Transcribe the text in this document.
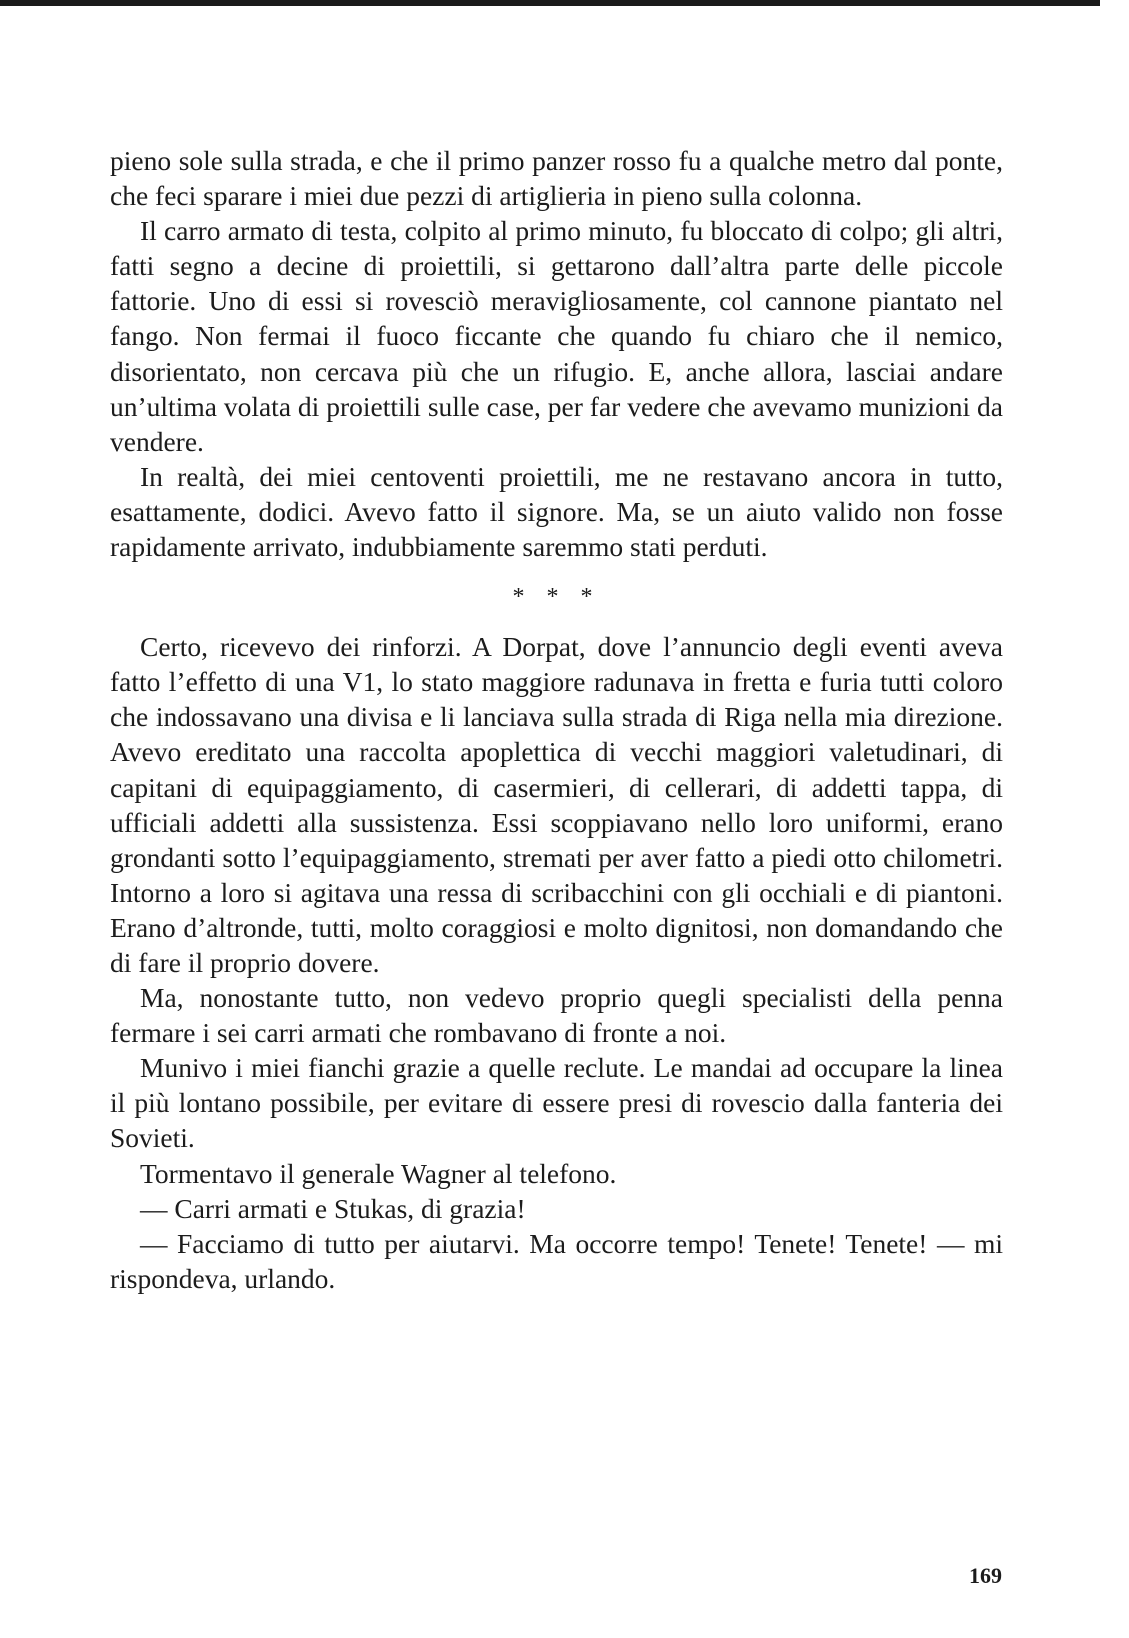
pieno sole sulla strada, e che il primo panzer rosso fu a qualche metro dal ponte, che feci sparare i miei due pezzi di artiglieria in pieno sulla colonna.

Il carro armato di testa, colpito al primo minuto, fu bloccato di colpo; gli altri, fatti segno a decine di proiettili, si gettarono dall’altra parte delle piccole fattorie. Uno di essi si rovesciò meravigliosamente, col cannone piantato nel fango. Non fermai il fuoco ficcante che quando fu chiaro che il nemico, disorientato, non cercava più che un rifugio. E, anche allora, lasciai andare un’ultima volata di proiettili sulle case, per far vedere che avevamo munizioni da vendere.

In realtà, dei miei centoventi proiettili, me ne restavano ancora in tutto, esattamente, dodici. Avevo fatto il signore. Ma, se un aiuto valido non fosse rapidamente arrivato, indubbiamente saremmo stati perduti.

* * *

Certo, ricevevo dei rinforzi. A Dorpat, dove l’annuncio degli eventi aveva fatto l’effetto di una V1, lo stato maggiore radunava in fretta e furia tutti coloro che indossavano una divisa e li lanciava sulla strada di Riga nella mia direzione. Avevo ereditato una raccolta apoplettica di vecchi maggiori valetudinari, di capitani di equipaggiamento, di casermieri, di cellerari, di addetti tappa, di ufficiali addetti alla sussistenza. Essi scoppiavano nello loro uniformi, erano grondanti sotto l’equipaggiamento, stremati per aver fatto a piedi otto chilometri. Intorno a loro si agitava una ressa di scribacchini con gli occhiali e di piantoni. Erano d’altronde, tutti, molto coraggiosi e molto dignitosi, non domandando che di fare il proprio dovere.

Ma, nonostante tutto, non vedevo proprio quegli specialisti della penna fermare i sei carri armati che rombavano di fronte a noi.

Munivo i miei fianchi grazie a quelle reclute. Le mandai ad occupare la linea il più lontano possibile, per evitare di essere presi di rovescio dalla fanteria dei Sovieti.

Tormentavo il generale Wagner al telefono.

— Carri armati e Stukas, di grazia!

— Facciamo di tutto per aiutarvi. Ma occorre tempo! Tenete! Tenete! — mi rispondeva, urlando.

169
